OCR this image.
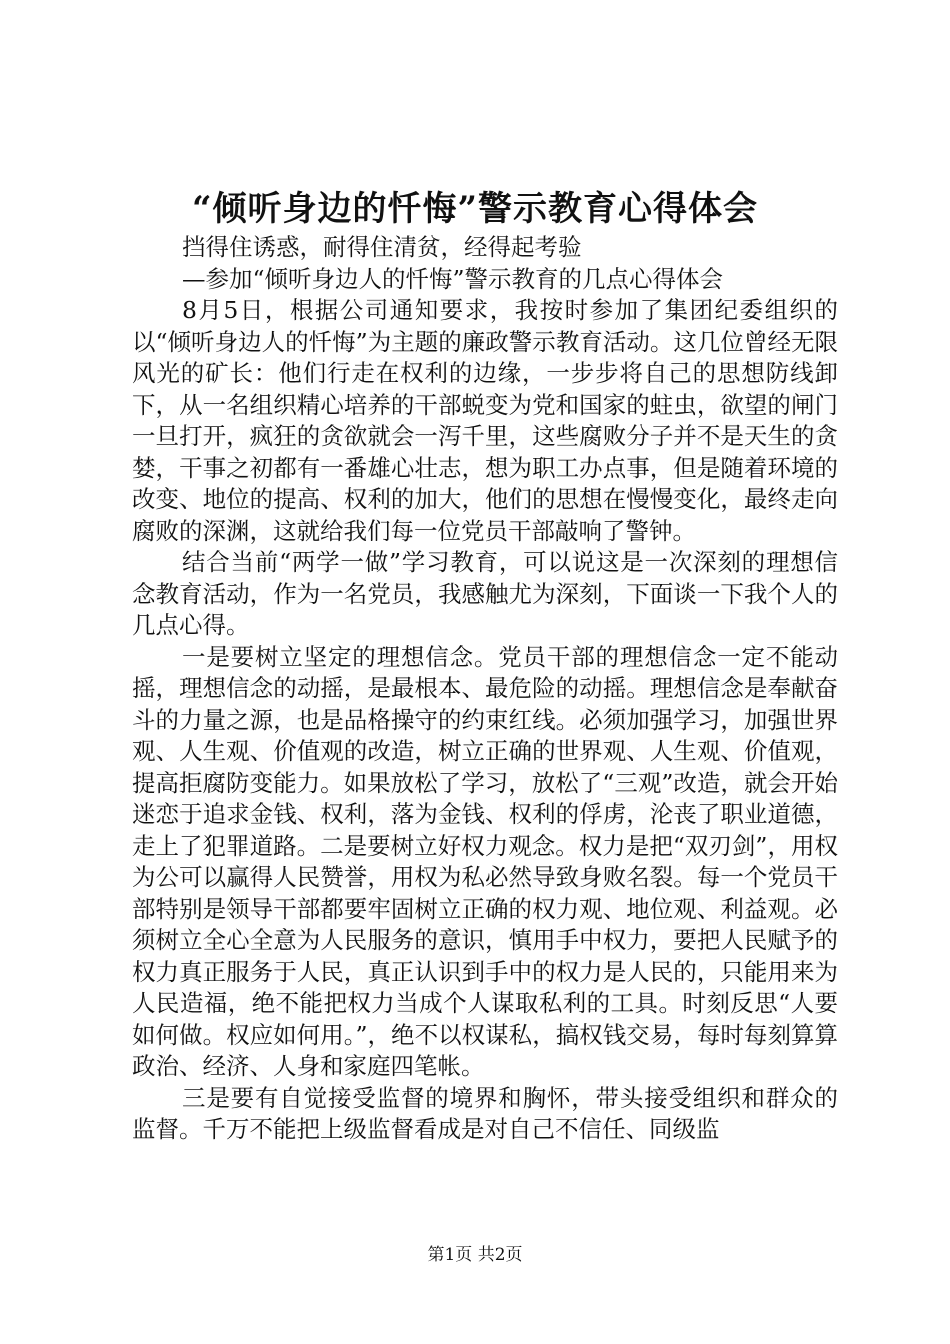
“倾听身边的忏悔”警示教育心得体会

挡得住诱惑，耐得住清贫，经得起考验

—参加“倾听身边人的忏悔”警示教育的几点心得体会

8月5日，根据公司通知要求，我按时参加了集团纪委组织的以“倾听身边人的忏悔”为主题的廉政警示教育活动。这几位曾经无限风光的矿长：他们行走在权利的边缘，一步步将自己的思想防线卸下，从一名组织精心培养的干部蜕变为党和国家的蛀虫，欲望的闸门一旦打开，疯狂的贪欲就会一泻千里，这些腐败分子并不是天生的贪婪，干事之初都有一番雄心壮志，想为职工办点事，但是随着环境的改变、地位的提高、权利的加大，他们的思想在慢慢变化，最终走向腐败的深渊，这就给我们每一位党员干部敲响了警钟。

结合当前“两学一做”学习教育，可以说这是一次深刻的理想信念教育活动，作为一名党员，我感触尤为深刻，下面谈一下我个人的几点心得。

一是要树立坚定的理想信念。党员干部的理想信念一定不能动摇，理想信念的动摇，是最根本、最危险的动摇。理想信念是奉献奋斗的力量之源，也是品格操守的约束红线。必须加强学习，加强世界观、人生观、价值观的改造，树立正确的世界观、人生观、价值观，提高拒腐防变能力。如果放松了学习，放松了“三观”改造，就会开始迷恋于追求金钱、权利，落为金钱、权利的俘虏，沦丧了职业道德，走上了犯罪道路。二是要树立好权力观念。权力是把“双刃剑”，用权为公可以赢得人民赞誉，用权为私必然导致身败名裂。每一个党员干部特别是领导干部都要牢固树立正确的权力观、地位观、利益观。必须树立全心全意为人民服务的意识，慎用手中权力，要把人民赋予的权力真正服务于人民，真正认识到手中的权力是人民的，只能用来为人民造福，绝不能把权力当成个人谋取私利的工具。时刻反思“人要如何做。权应如何用。”，绝不以权谋私，搞权钱交易，每时每刻算算政治、经济、人身和家庭四笔帐。

三是要有自觉接受监督的境界和胸怀，带头接受组织和群众的监督。千万不能把上级监督看成是对自己不信任、同级监

第1页 共2页
